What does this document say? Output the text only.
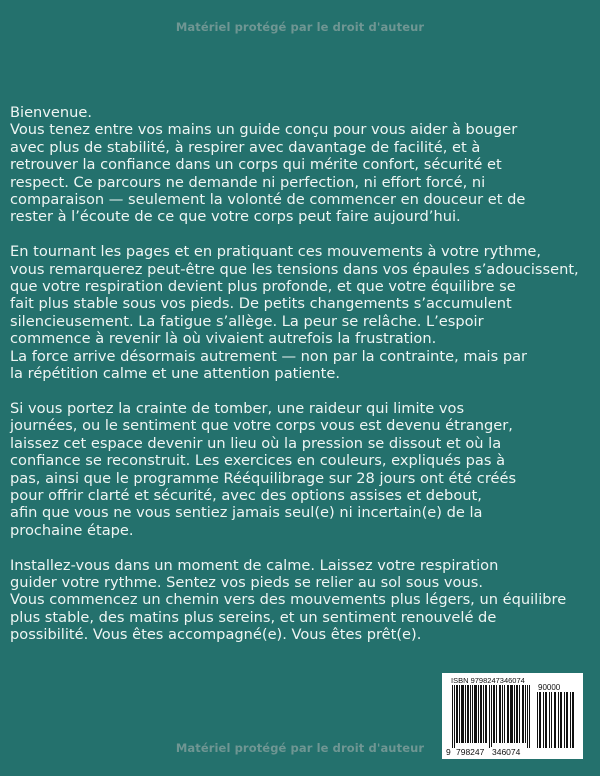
Matériel protégé par le droit d'auteur
Bienvenue.
Vous tenez entre vos mains un guide conçu pour vous aider à bouger
avec plus de stabilité, à respirer avec davantage de facilité, et à
retrouver la confiance dans un corps qui mérite confort, sécurité et
respect. Ce parcours ne demande ni perfection, ni effort forcé, ni
comparaison — seulement la volonté de commencer en douceur et de
rester à l’écoute de ce que votre corps peut faire aujourd’hui.
En tournant les pages et en pratiquant ces mouvements à votre rythme,
vous remarquerez peut-être que les tensions dans vos épaules s’adoucissent,
que votre respiration devient plus profonde, et que votre équilibre se
fait plus stable sous vos pieds. De petits changements s’accumulent
silencieusement. La fatigue s’allège. La peur se relâche. L’espoir
commence à revenir là où vivaient autrefois la frustration.
La force arrive désormais autrement — non par la contrainte, mais par
la répétition calme et une attention patiente.
Si vous portez la crainte de tomber, une raideur qui limite vos
journées, ou le sentiment que votre corps vous est devenu étranger,
laissez cet espace devenir un lieu où la pression se dissout et où la
confiance se reconstruit. Les exercices en couleurs, expliqués pas à
pas, ainsi que le programme Rééquilibrage sur 28 jours ont été créés
pour offrir clarté et sécurité, avec des options assises et debout,
afin que vous ne vous sentiez jamais seul(e) ni incertain(e) de la
prochaine étape.
Installez-vous dans un moment de calme. Laissez votre respiration
guider votre rythme. Sentez vos pieds se relier au sol sous vous.
Vous commencez un chemin vers des mouvements plus légers, un équilibre
plus stable, des matins plus sereins, et un sentiment renouvelé de
possibilité. Vous êtes accompagné(e). Vous êtes prêt(e).
ISBN 9798247346074
90000
9 798247 346074
Matériel protégé par le droit d'auteur
